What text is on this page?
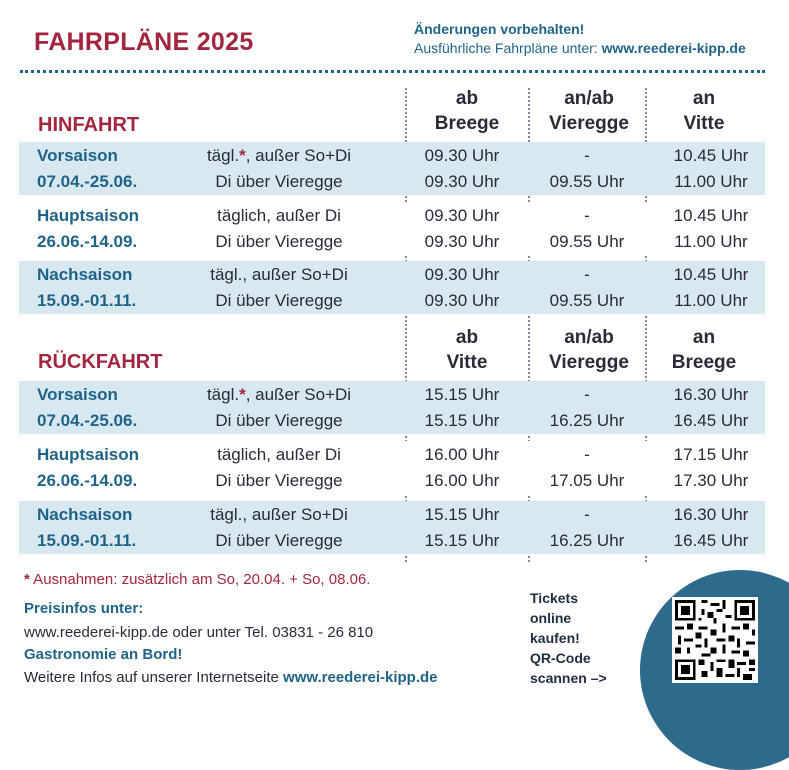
FAHRPLÄNE 2025	Änderungen vorbehalten!
Ausführliche Fahrpläne unter: www.reederei-kipp.de
HINFAHRT
ab
Breege
an/ab
Vieregge
an
Vitte
Vorsaison
07.04.-25.06.
tägl.*, außer So+Di
Di über Vieregge
09.30 Uhr
09.30 Uhr
-
09.55 Uhr
10.45 Uhr
11.00 Uhr
Hauptsaison
26.06.-14.09.
täglich, außer Di
Di über Vieregge
09.30 Uhr
09.30 Uhr
-
09.55 Uhr
10.45 Uhr
11.00 Uhr
Nachsaison
15.09.-01.11.
tägl., außer So+Di
Di über Vieregge
09.30 Uhr
09.30 Uhr
-
09.55 Uhr
10.45 Uhr
11.00 Uhr
RÜCKFAHRT
ab
Vitte
an/ab
Vieregge
an
Breege
Vorsaison
07.04.-25.06.
tägl.*, außer So+Di
Di über Vieregge
15.15 Uhr
15.15 Uhr
-
16.25 Uhr
16.30 Uhr
16.45 Uhr
Hauptsaison
26.06.-14.09.
täglich, außer Di
Di über Vieregge
16.00 Uhr
16.00 Uhr
-
17.05 Uhr
17.15 Uhr
17.30 Uhr
Nachsaison
15.09.-01.11.
tägl., außer So+Di
Di über Vieregge
15.15 Uhr
15.15 Uhr
-
16.25 Uhr
16.30 Uhr
16.45 Uhr
* Ausnahmen: zusätzlich am So, 20.04. + So, 08.06.
Preisinfos unter:
www.reederei-kipp.de oder unter Tel. 03831 - 26 810
Gastronomie an Bord!
Weitere Infos auf unserer Internetseite www.reederei-kipp.de
Tickets
online
kaufen!
QR-Code
scannen –>
